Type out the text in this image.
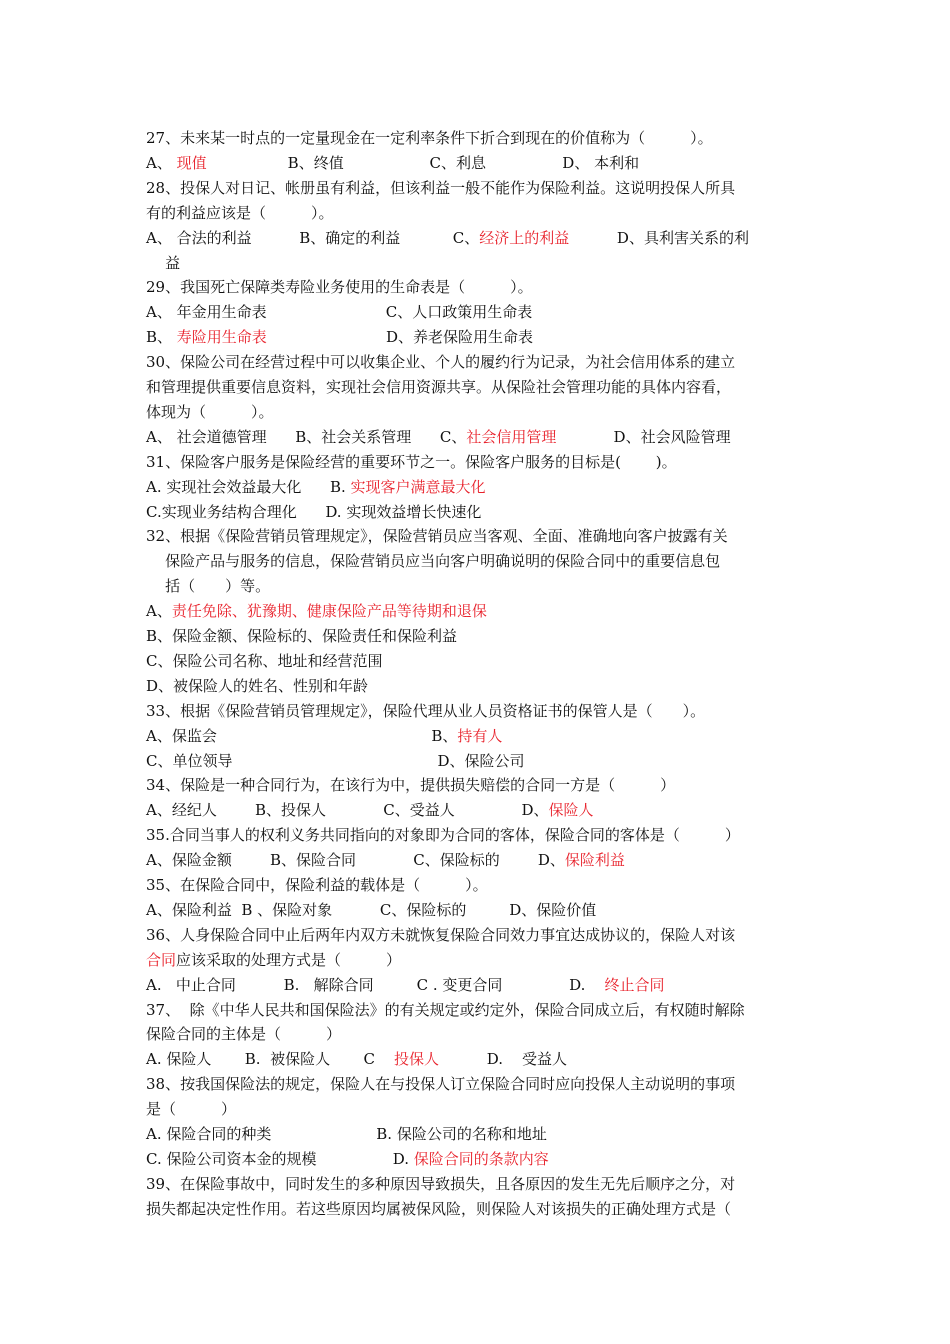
27、未来某一时点的一定量现金在一定利率条件下折合到现在的价值称为（　　　）。
A、 现值                 B、终值                  C、利息                D、 本利和
28、投保人对日记、帐册虽有利益，但该利益一般不能作为保险利益。这说明投保人所具
有的利益应该是（　　　）。
A、 合法的利益          B、确定的利益           C、经济上的利益          D、具利害关系的利
益
29、我国死亡保障类寿险业务使用的生命表是（　　　）。
A、 年金用生命表                         C、人口政策用生命表
B、 寿险用生命表                         D、养老保险用生命表
30、保险公司在经营过程中可以收集企业、个人的履约行为记录，为社会信用体系的建立
和管理提供重要信息资料，实现社会信用资源共享。从保险社会管理功能的具体内容看，
体现为（　　　）。
A、 社会道德管理      B、社会关系管理      C、社会信用管理            D、社会风险管理
31、保险客户服务是保险经营的重要环节之一。保险客户服务的目标是(　　 )。
A. 实现社会效益最大化      B. 实现客户满意最大化
C.实现业务结构合理化      D. 实现效益增长快速化
32、根据《保险营销员管理规定》，保险营销员应当客观、全面、准确地向客户披露有关
保险产品与服务的信息，保险营销员应当向客户明确说明的保险合同中的重要信息包
括（　　）等。
A、责任免除、犹豫期、健康保险产品等待期和退保
B、保险金额、保险标的、保险责任和保险利益
C、保险公司名称、地址和经营范围
D、被保险人的姓名、性别和年龄
33、根据《保险营销员管理规定》，保险代理从业人员资格证书的保管人是（　　）。
A、保监会                                             B、持有人
C、单位领导                                           D、保险公司
34、保险是一种合同行为，在该行为中，提供损失赔偿的合同一方是（　　　）
A、经纪人        B、投保人            C、受益人              D、保险人
35.合同当事人的权利义务共同指向的对象即为合同的客体，保险合同的客体是（　　　）
A、保险金额        B、保险合同            C、保险标的        D、保险利益
35、在保险合同中，保险利益的载体是（　　　）。
A、保险利益  B 、保险对象          C、保险标的         D、保险价值
36、人身保险合同中止后两年内双方未就恢复保险合同效力事宜达成协议的，保险人对该
合同应该采取的处理方式是（　　　）
A.   中止合同          B.   解除合同         C . 变更合同              D.    终止合同
37、  除《中华人民共和国保险法》的有关规定或约定外，保险合同成立后，有权随时解除
保险合同的主体是（　　　）
A. 保险人       B.  被保险人       C    投保人          D.    受益人
38、按我国保险法的规定，保险人在与投保人订立保险合同时应向投保人主动说明的事项
是（　　　）
A. 保险合同的种类                      B. 保险公司的名称和地址
C. 保险公司资本金的规模                D. 保险合同的条款内容
39、在保险事故中，同时发生的多种原因导致损失，且各原因的发生无先后顺序之分，对
损失都起决定性作用。若这些原因均属被保风险，则保险人对该损失的正确处理方式是（
